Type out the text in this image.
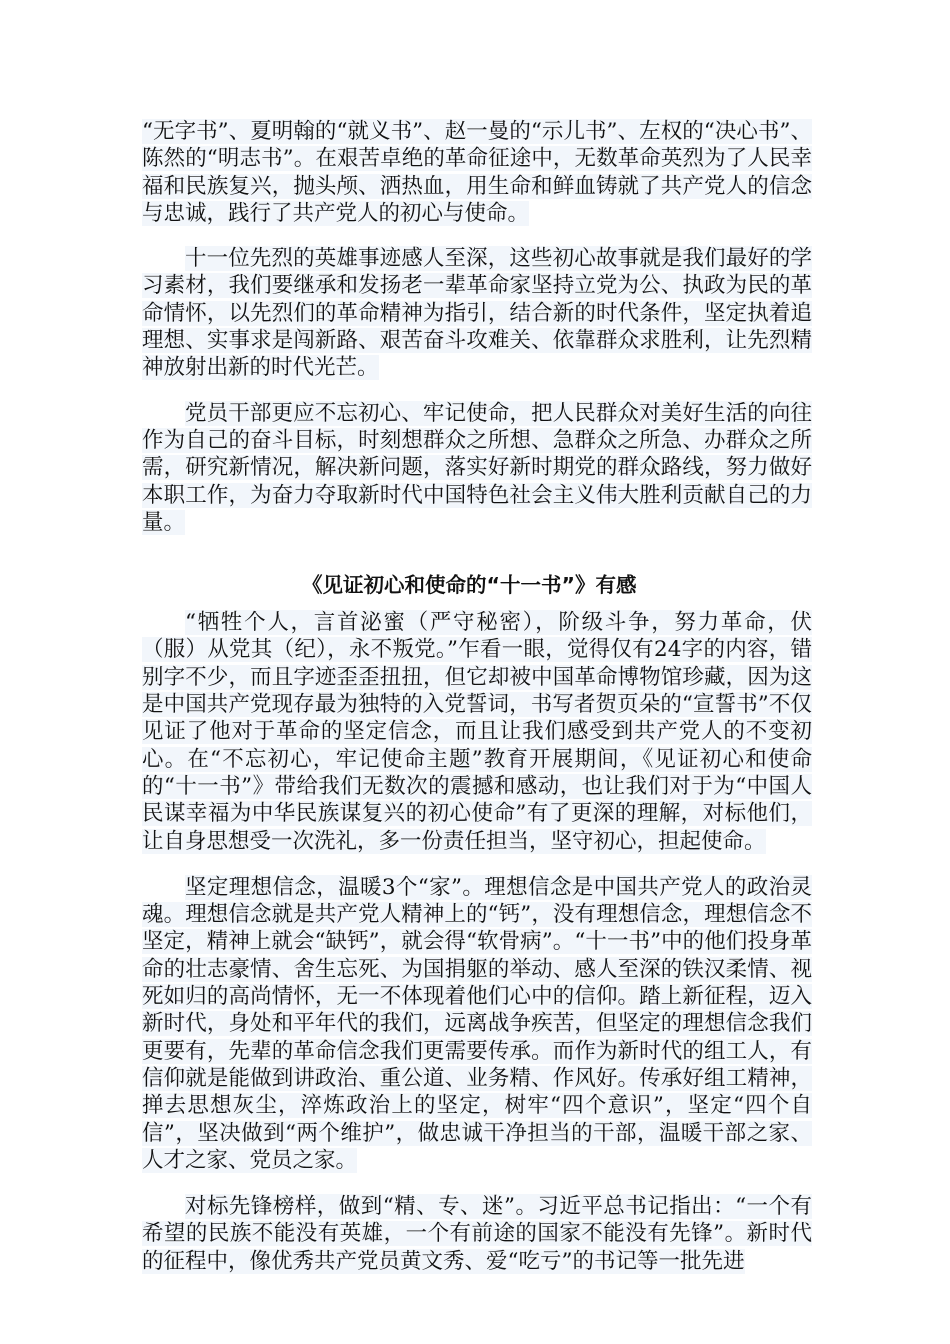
“无字书”、夏明翰的“就义书”、赵一曼的“示儿书”、左权的“决心书”、陈然的“明志书”。在艰苦卓绝的革命征途中，无数革命英烈为了人民幸福和民族复兴，抛头颅、洒热血，用生命和鲜血铸就了共产党人的信念与忠诚，践行了共产党人的初心与使命。

十一位先烈的英雄事迹感人至深，这些初心故事就是我们最好的学习素材，我们要继承和发扬老一辈革命家坚持立党为公、执政为民的革命情怀，以先烈们的革命精神为指引，结合新的时代条件，坚定执着追理想、实事求是闯新路、艰苦奋斗攻难关、依靠群众求胜利，让先烈精神放射出新的时代光芒。

党员干部更应不忘初心、牢记使命，把人民群众对美好生活的向往作为自己的奋斗目标，时刻想群众之所想、急群众之所急、办群众之所需，研究新情况，解决新问题，落实好新时期党的群众路线，努力做好本职工作，为奋力夺取新时代中国特色社会主义伟大胜利贡献自己的力量。

《见证初心和使命的“十一书”》有感

“牺牲个人，言首泌蜜（严守秘密），阶级斗争，努力革命，伏（服）从党其（纪），永不叛党。”乍看一眼，觉得仅有24字的内容，错别字不少，而且字迹歪歪扭扭，但它却被中国革命博物馆珍藏，因为这是中国共产党现存最为独特的入党誓词，书写者贺页朵的“宣誓书”不仅见证了他对于革命的坚定信念，而且让我们感受到共产党人的不变初心。在“不忘初心，牢记使命主题”教育开展期间，《见证初心和使命的“十一书”》带给我们无数次的震撼和感动，也让我们对于为“中国人民谋幸福为中华民族谋复兴的初心使命”有了更深的理解，对标他们，让自身思想受一次洗礼，多一份责任担当，坚守初心，担起使命。

坚定理想信念，温暖3个“家”。理想信念是中国共产党人的政治灵魂。理想信念就是共产党人精神上的“钙”，没有理想信念，理想信念不坚定，精神上就会“缺钙”，就会得“软骨病”。“十一书”中的他们投身革命的壮志豪情、舍生忘死、为国捐躯的举动、感人至深的铁汉柔情、视死如归的高尚情怀，无一不体现着他们心中的信仰。踏上新征程，迈入新时代，身处和平年代的我们，远离战争疾苦，但坚定的理想信念我们更要有，先辈的革命信念我们更需要传承。而作为新时代的组工人，有信仰就是能做到讲政治、重公道、业务精、作风好。传承好组工精神，掸去思想灰尘，淬炼政治上的坚定，树牢“四个意识”，坚定“四个自信”，坚决做到“两个维护”，做忠诚干净担当的干部，温暖干部之家、人才之家、党员之家。

对标先锋榜样，做到“精、专、迷”。习近平总书记指出：“一个有希望的民族不能没有英雄，一个有前途的国家不能没有先锋”。新时代的征程中，像优秀共产党员黄文秀、爱“吃亏”的书记等一批先进
